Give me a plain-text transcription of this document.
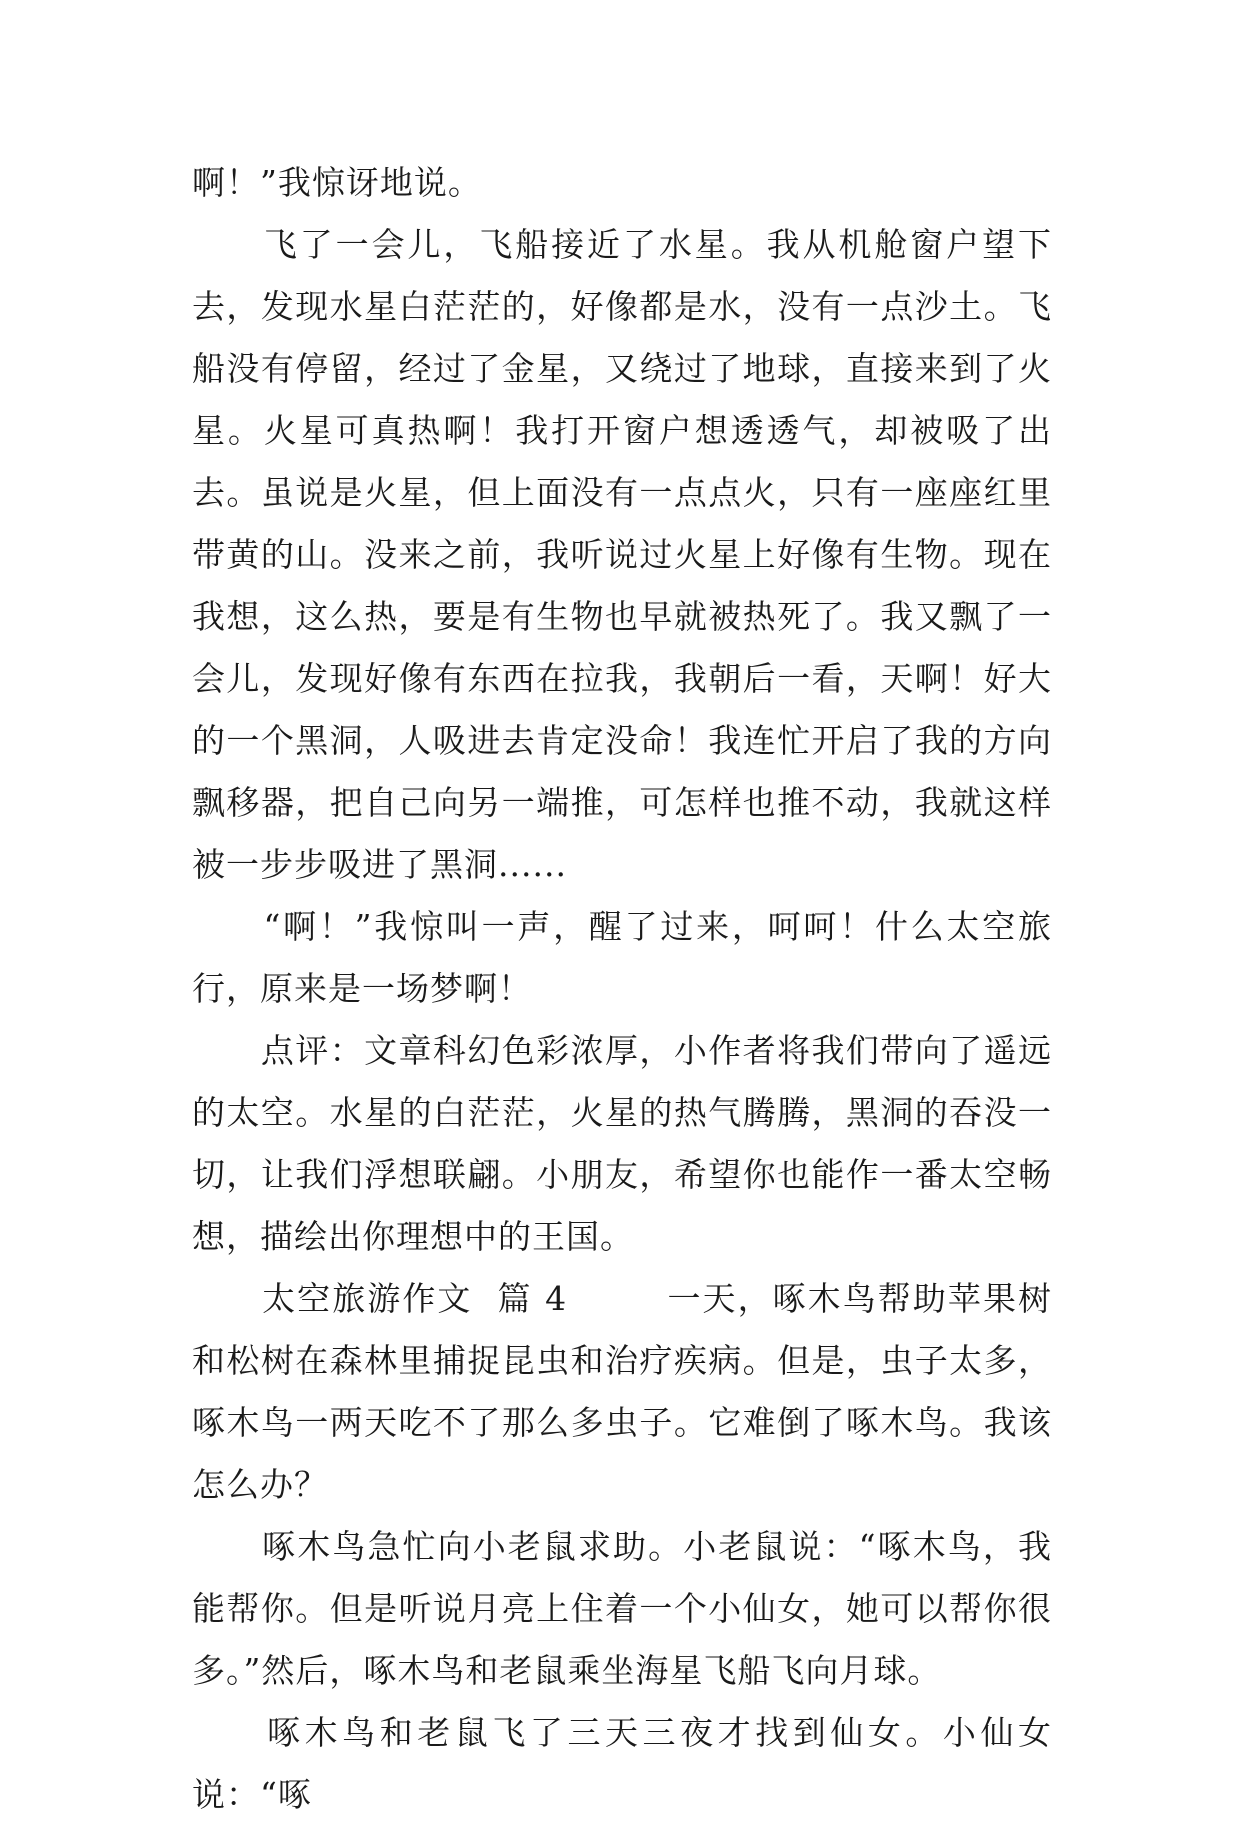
啊！”我惊讶地说。

　　飞了一会儿，飞船接近了水星。我从机舱窗户望下去，发现水星白茫茫的，好像都是水，没有一点沙土。飞船没有停留，经过了金星，又绕过了地球，直接来到了火星。火星可真热啊！我打开窗户想透透气，却被吸了出去。虽说是火星，但上面没有一点点火，只有一座座红里带黄的山。没来之前，我听说过火星上好像有生物。现在我想，这么热，要是有生物也早就被热死了。我又飘了一会儿，发现好像有东西在拉我，我朝后一看，天啊！好大的一个黑洞，人吸进去肯定没命！我连忙开启了我的方向飘移器，把自己向另一端推，可怎样也推不动，我就这样被一步步吸进了黑洞......

　　“啊！”我惊叫一声，醒了过来，呵呵！什么太空旅行，原来是一场梦啊！

　　点评：文章科幻色彩浓厚，小作者将我们带向了遥远的太空。水星的白茫茫，火星的热气腾腾，黑洞的吞没一切，让我们浮想联翩。小朋友，希望你也能作一番太空畅想，描绘出你理想中的王国。

　　太空旅游作文  篇 4        一天，啄木鸟帮助苹果树和松树在森林里捕捉昆虫和治疗疾病。但是，虫子太多，啄木鸟一两天吃不了那么多虫子。它难倒了啄木鸟。我该怎么办？

　　啄木鸟急忙向小老鼠求助。小老鼠说：“啄木鸟，我能帮你。但是听说月亮上住着一个小仙女，她可以帮你很多。”然后，啄木鸟和老鼠乘坐海星飞船飞向月球。

　　啄木鸟和老鼠飞了三天三夜才找到仙女。小仙女说：“啄
